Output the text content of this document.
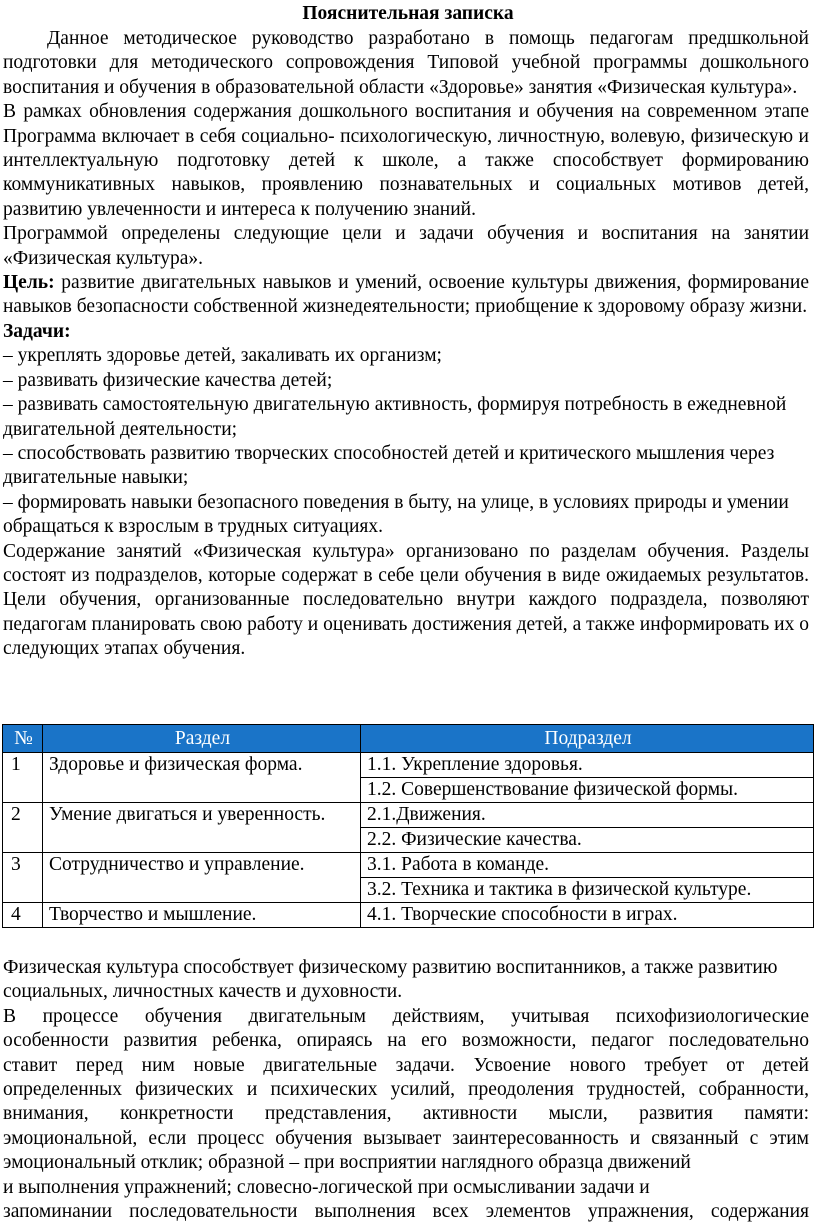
Пояснительная записка

Данное методическое руководство разработано в помощь педагогам предшкольной подготовки для методического сопровождения Типовой учебной программы дошкольного воспитания и обучения в образовательной области «Здоровье» занятия «Физическая культура».

В рамках обновления содержания дошкольного воспитания и обучения на современном этапе Программа включает в себя социально- психологическую, личностную, волевую, физическую и интеллектуальную подготовку детей к школе, а также способствует формированию коммуникативных навыков, проявлению познавательных и социальных мотивов детей, развитию увлеченности и интереса к получению знаний.

Программой определены следующие цели и задачи обучения и воспитания на занятии «Физическая культура».

Цель: развитие двигательных навыков и умений, освоение культуры движения, формирование навыков безопасности собственной жизнедеятельности; приобщение к здоровому образу жизни.

Задачи:

– укреплять здоровье детей, закаливать их организм;

– развивать физические качества детей;

– развивать самостоятельную двигательную активность, формируя потребность в ежедневной двигательной деятельности;

– способствовать развитию творческих способностей детей и критического мышления через двигательные навыки;

– формировать навыки безопасного поведения в быту, на улице, в условиях природы и умении обращаться к взрослым в трудных ситуациях.

Содержание занятий «Физическая культура» организовано по разделам обучения. Разделы состоят из подразделов, которые содержат в себе цели обучения в виде ожидаемых результатов. Цели обучения, организованные последовательно внутри каждого подраздела, позволяют педагогам планировать свою работу и оценивать достижения детей, а также информировать их о следующих этапах обучения.

№	Раздел	Подраздел
1	Здоровье и физическая форма.	1.1. Укрепление здоровья.
		1.2. Совершенствование физической формы.
2	Умение двигаться и уверенность.	2.1.Движения.
		2.2. Физические качества.
3	Сотрудничество и управление.	3.1. Работа в команде.
		3.2. Техника и тактика в физической культуре.
4	Творчество и мышление.	4.1. Творческие способности в играх.

Физическая культура способствует физическому развитию воспитанников, а также развитию социальных, личностных качеств и духовности.

В процессе обучения двигательным действиям, учитывая психофизиологические
особенности развития ребенка, опираясь на его возможности, педагог последовательно
ставит перед ним новые двигательные задачи. Усвоение нового требует от детей
определенных физических и психических усилий, преодоления трудностей, собранности,
внимания, конкретности представления, активности мысли, развития памяти:
эмоциональной, если процесс обучения вызывает заинтересованность и связанный с этим
эмоциональный отклик; образной – при восприятии наглядного образца движений
и выполнения упражнений; словесно-логической при осмысливании задачи и
запоминании последовательности выполнения всех элементов упражнения, содержания
